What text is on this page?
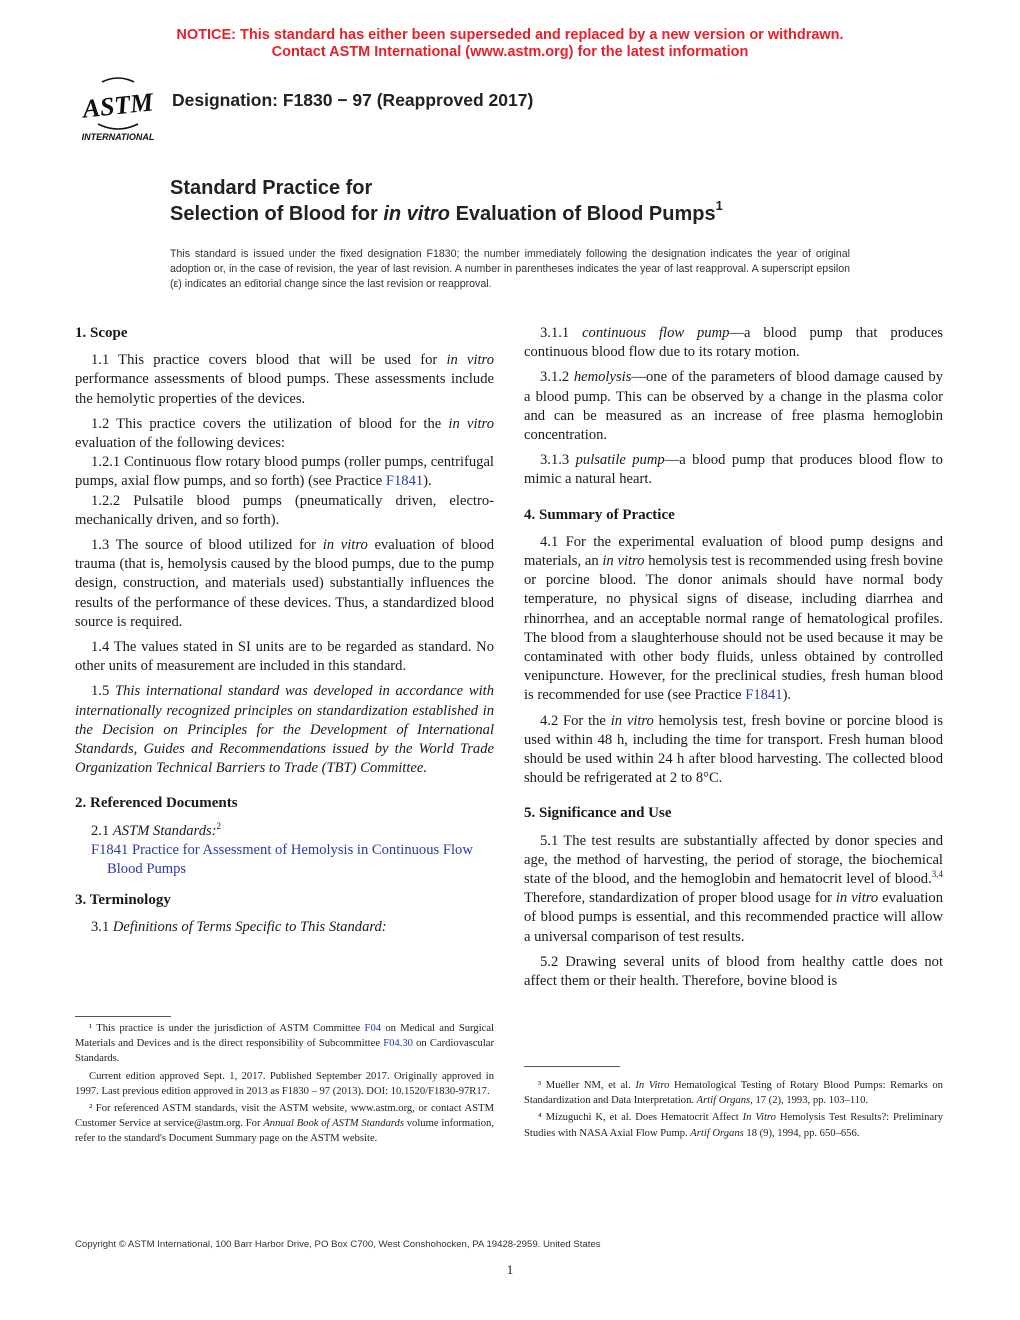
NOTICE: This standard has either been superseded and replaced by a new version or withdrawn.
Contact ASTM International (www.astm.org) for the latest information
ASTM
INTERNATIONAL
Designation: F1830 − 97 (Reapproved 2017)
Standard Practice for
Selection of Blood for in vitro Evaluation of Blood Pumps$^1$
This standard is issued under the fixed designation F1830; the number immediately following the designation indicates the year of original adoption or, in the case of revision, the year of last revision. A number in parentheses indicates the year of last reapproval. A superscript epsilon (ε) indicates an editorial change since the last revision or reapproval.
1. Scope

1.1 This practice covers blood that will be used for in vitro performance assessments of blood pumps. These assessments include the hemolytic properties of the devices.

1.2 This practice covers the utilization of blood for the in vitro evaluation of the following devices:

1.2.1 Continuous flow rotary blood pumps (roller pumps, centrifugal pumps, axial flow pumps, and so forth) (see Practice F1841).

1.2.2 Pulsatile blood pumps (pneumatically driven, electro-mechanically driven, and so forth).

1.3 The source of blood utilized for in vitro evaluation of blood trauma (that is, hemolysis caused by the blood pumps, due to the pump design, construction, and materials used) substantially influences the results of the performance of these devices. Thus, a standardized blood source is required.

1.4 The values stated in SI units are to be regarded as standard. No other units of measurement are included in this standard.

1.5 This international standard was developed in accordance with internationally recognized principles on standardization established in the Decision on Principles for the Development of International Standards, Guides and Recommendations issued by the World Trade Organization Technical Barriers to Trade (TBT) Committee.

2. Referenced Documents

2.1 ASTM Standards:$^2$

F1841 Practice for Assessment of Hemolysis in Continuous Flow Blood Pumps

3. Terminology

3.1 Definitions of Terms Specific to This Standard:

¹ This practice is under the jurisdiction of ASTM Committee F04 on Medical and Surgical Materials and Devices and is the direct responsibility of Subcommittee F04.30 on Cardiovascular Standards.

Current edition approved Sept. 1, 2017. Published September 2017. Originally approved in 1997. Last previous edition approved in 2013 as F1830 – 97 (2013). DOI: 10.1520/F1830-97R17.

² For referenced ASTM standards, visit the ASTM website, www.astm.org, or contact ASTM Customer Service at service@astm.org. For Annual Book of ASTM Standards volume information, refer to the standard's Document Summary page on the ASTM website.

3.1.1 continuous flow pump—a blood pump that produces continuous blood flow due to its rotary motion.

3.1.2 hemolysis—one of the parameters of blood damage caused by a blood pump. This can be observed by a change in the plasma color and can be measured as an increase of free plasma hemoglobin concentration.

3.1.3 pulsatile pump—a blood pump that produces blood flow to mimic a natural heart.

4. Summary of Practice

4.1 For the experimental evaluation of blood pump designs and materials, an in vitro hemolysis test is recommended using fresh bovine or porcine blood. The donor animals should have normal body temperature, no physical signs of disease, including diarrhea and rhinorrhea, and an acceptable normal range of hematological profiles. The blood from a slaughterhouse should not be used because it may be contaminated with other body fluids, unless obtained by controlled venipuncture. However, for the preclinical studies, fresh human blood is recommended for use (see Practice F1841).

4.2 For the in vitro hemolysis test, fresh bovine or porcine blood is used within 48 h, including the time for transport. Fresh human blood should be used within 24 h after blood harvesting. The collected blood should be refrigerated at 2 to 8°C.

5. Significance and Use

5.1 The test results are substantially affected by donor species and age, the method of harvesting, the period of storage, the biochemical state of the blood, and the hemoglobin and hematocrit level of blood.$^{3,4}$ Therefore, standardization of proper blood usage for in vitro evaluation of blood pumps is essential, and this recommended practice will allow a universal comparison of test results.

5.2 Drawing several units of blood from healthy cattle does not affect them or their health. Therefore, bovine blood is

³ Mueller NM, et al. In Vitro Hematological Testing of Rotary Blood Pumps: Remarks on Standardization and Data Interpretation. Artif Organs, 17 (2), 1993, pp. 103–110.

⁴ Mizuguchi K, et al. Does Hematocrit Affect In Vitro Hemolysis Test Results?: Preliminary Studies with NASA Axial Flow Pump. Artif Organs 18 (9), 1994, pp. 650–656.

Copyright © ASTM International, 100 Barr Harbor Drive, PO Box C700, West Conshohocken, PA 19428-2959. United States
1
